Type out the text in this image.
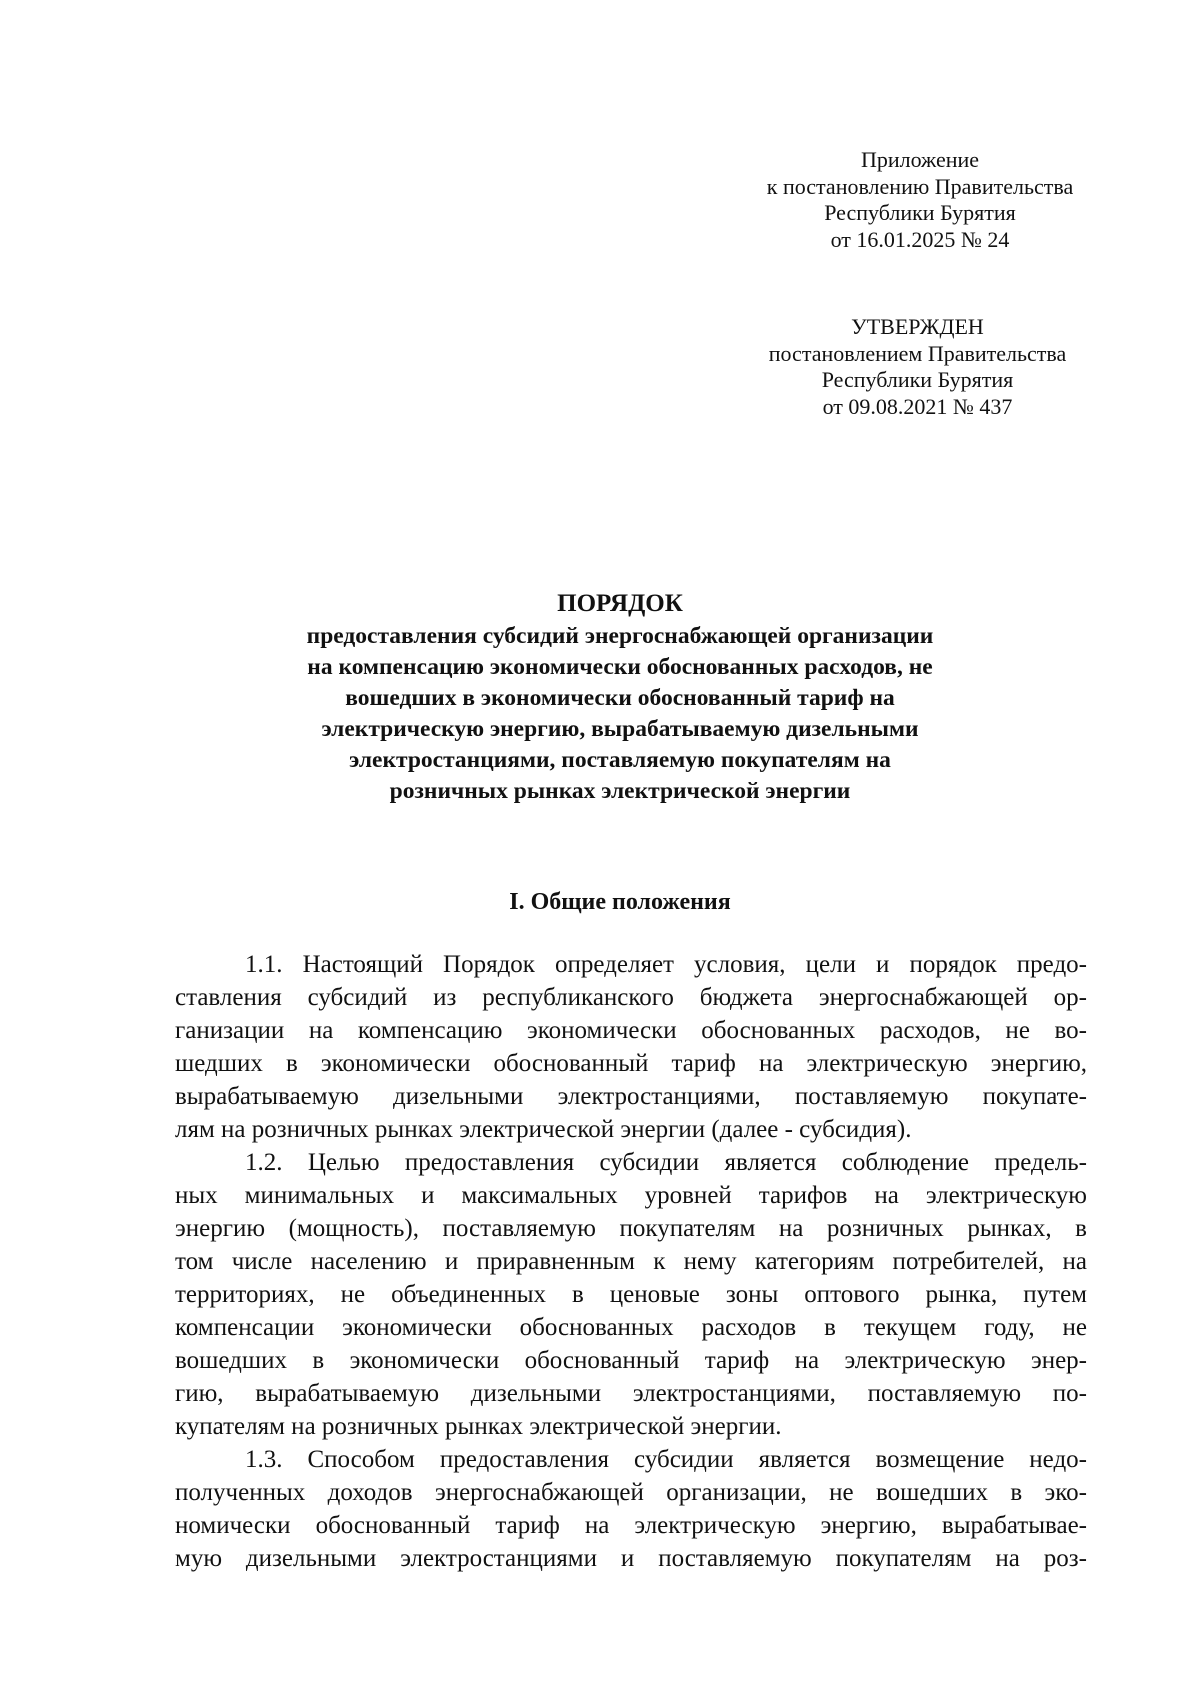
Приложение
к постановлению Правительства
Республики Бурятия
от 16.01.2025 № 24
УТВЕРЖДЕН
постановлением Правительства
Республики Бурятия
от 09.08.2021 № 437
ПОРЯДОК
предоставления субсидий энергоснабжающей организации
на компенсацию экономически обоснованных расходов, не
вошедших в экономически обоснованный тариф на
электрическую энергию, вырабатываемую дизельными
электростанциями, поставляемую покупателям на
розничных рынках электрической энергии
I. Общие положения
1.1. Настоящий Порядок определяет условия, цели и порядок предо-
ставления субсидий из республиканского бюджета энергоснабжающей ор-
ганизации на компенсацию экономически обоснованных расходов, не во-
шедших в экономически обоснованный тариф на электрическую энергию,
вырабатываемую дизельными электростанциями, поставляемую покупате-
лям на розничных рынках электрической энергии (далее - субсидия).
1.2. Целью предоставления субсидии является соблюдение предель-
ных минимальных и максимальных уровней тарифов на электрическую
энергию (мощность), поставляемую покупателям на розничных рынках, в
том числе населению и приравненным к нему категориям потребителей, на
территориях, не объединенных в ценовые зоны оптового рынка, путем
компенсации экономически обоснованных расходов в текущем году, не
вошедших в экономически обоснованный тариф на электрическую энер-
гию, вырабатываемую дизельными электростанциями, поставляемую по-
купателям на розничных рынках электрической энергии.
1.3. Способом предоставления субсидии является возмещение недо-
полученных доходов энергоснабжающей организации, не вошедших в эко-
номически обоснованный тариф на электрическую энергию, вырабатывае-
мую дизельными электростанциями и поставляемую покупателям на роз-
